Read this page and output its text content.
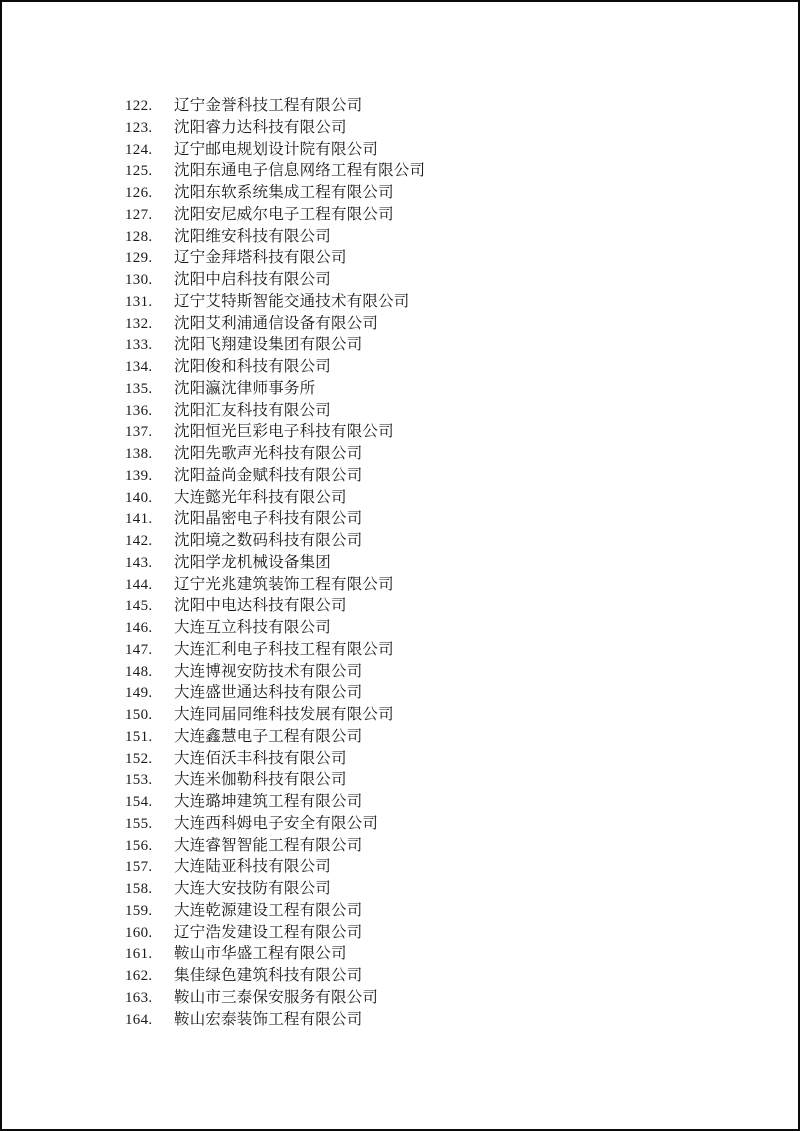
122.	辽宁金誉科技工程有限公司
123.	沈阳睿力达科技有限公司
124.	辽宁邮电规划设计院有限公司
125.	沈阳东通电子信息网络工程有限公司
126.	沈阳东软系统集成工程有限公司
127.	沈阳安尼威尔电子工程有限公司
128.	沈阳维安科技有限公司
129.	辽宁金拜塔科技有限公司
130.	沈阳中启科技有限公司
131.	辽宁艾特斯智能交通技术有限公司
132.	沈阳艾利浦通信设备有限公司
133.	沈阳飞翔建设集团有限公司
134.	沈阳俊和科技有限公司
135.	沈阳瀛沈律师事务所
136.	沈阳汇友科技有限公司
137.	沈阳恒光巨彩电子科技有限公司
138.	沈阳先歌声光科技有限公司
139.	沈阳益尚金赋科技有限公司
140.	大连懿光年科技有限公司
141.	沈阳晶密电子科技有限公司
142.	沈阳境之数码科技有限公司
143.	沈阳学龙机械设备集团
144.	辽宁光兆建筑装饰工程有限公司
145.	沈阳中电达科技有限公司
146.	大连互立科技有限公司
147.	大连汇利电子科技工程有限公司
148.	大连博视安防技术有限公司
149.	大连盛世通达科技有限公司
150.	大连同届同维科技发展有限公司
151.	大连鑫慧电子工程有限公司
152.	大连佰沃丰科技有限公司
153.	大连米伽勒科技有限公司
154.	大连璐坤建筑工程有限公司
155.	大连西科姆电子安全有限公司
156.	大连睿智智能工程有限公司
157.	大连陆亚科技有限公司
158.	大连大安技防有限公司
159.	大连乾源建设工程有限公司
160.	辽宁浩发建设工程有限公司
161.	鞍山市华盛工程有限公司
162.	集佳绿色建筑科技有限公司
163.	鞍山市三泰保安服务有限公司
164.	鞍山宏泰装饰工程有限公司
